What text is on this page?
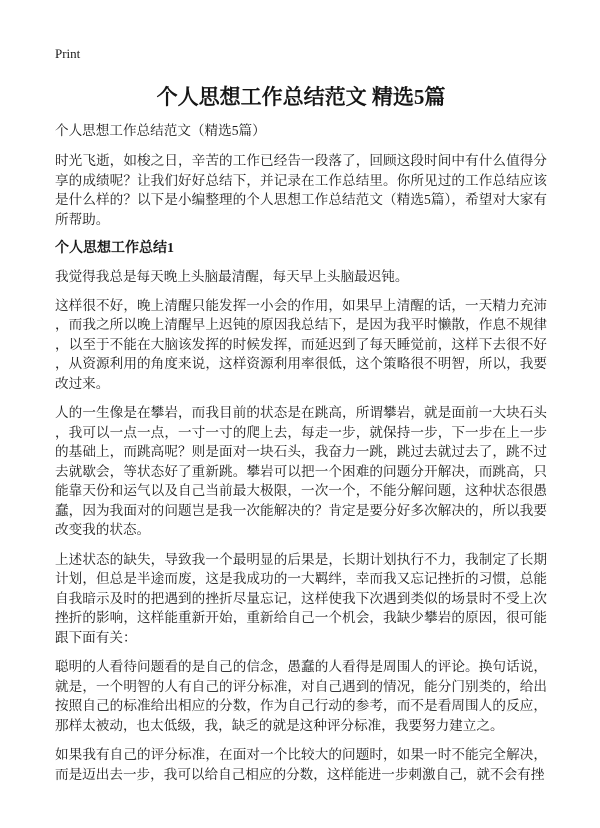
Print
个人思想工作总结范文 精选5篇
个人思想工作总结范文（精选5篇）

时光飞逝，如梭之日，辛苦的工作已经告一段落了，回顾这段时间中有什么值得分享的成绩呢？让我们好好总结下，并记录在工作总结里。你所见过的工作总结应该是什么样的？以下是小编整理的个人思想工作总结范文（精选5篇），希望对大家有所帮助。

个人思想工作总结1

我觉得我总是每天晚上头脑最清醒，每天早上头脑最迟钝。

这样很不好，晚上清醒只能发挥一小会的作用，如果早上清醒的话，一天精力充沛，而我之所以晚上清醒早上迟钝的原因我总结下，是因为我平时懒散，作息不规律，以至于不能在大脑该发挥的时候发挥，而延迟到了每天睡觉前，这样下去很不好，从资源利用的角度来说，这样资源利用率很低，这个策略很不明智，所以，我要改过来。

人的一生像是在攀岩，而我目前的状态是在跳高，所谓攀岩，就是面前一大块石头，我可以一点一点，一寸一寸的爬上去，每走一步，就保持一步，下一步在上一步的基础上，而跳高呢？则是面对一块石头，我奋力一跳，跳过去就过去了，跳不过去就歇会，等状态好了重新跳。攀岩可以把一个困难的问题分开解决，而跳高，只能靠天份和运气以及自己当前最大极限，一次一个，不能分解问题，这种状态很愚蠢，因为我面对的问题岂是我一次能解决的？肯定是要分好多次解决的，所以我要改变我的状态。

上述状态的缺失，导致我一个最明显的后果是，长期计划执行不力，我制定了长期计划，但总是半途而废，这是我成功的一大羁绊，幸而我又忘记挫折的习惯，总能自我暗示及时的把遇到的挫折尽量忘记，这样使我下次遇到类似的场景时不受上次挫折的影响，这样能重新开始，重新给自己一个机会，我缺少攀岩的原因，很可能跟下面有关：

聪明的人看待问题看的是自己的信念，愚蠢的人看得是周围人的评论。换句话说，就是，一个明智的人有自己的评分标准，对自己遇到的情况，能分门别类的，给出按照自己的标准给出相应的分数，作为自己行动的参考，而不是看周围人的反应，那样太被动，也太低级，我，缺乏的就是这种评分标准，我要努力建立之。

如果我有自己的评分标准，在面对一个比较大的问题时，如果一时不能完全解决，而是迈出去一步，我可以给自己相应的分数，这样能进一步刺激自己，就不会有挫
